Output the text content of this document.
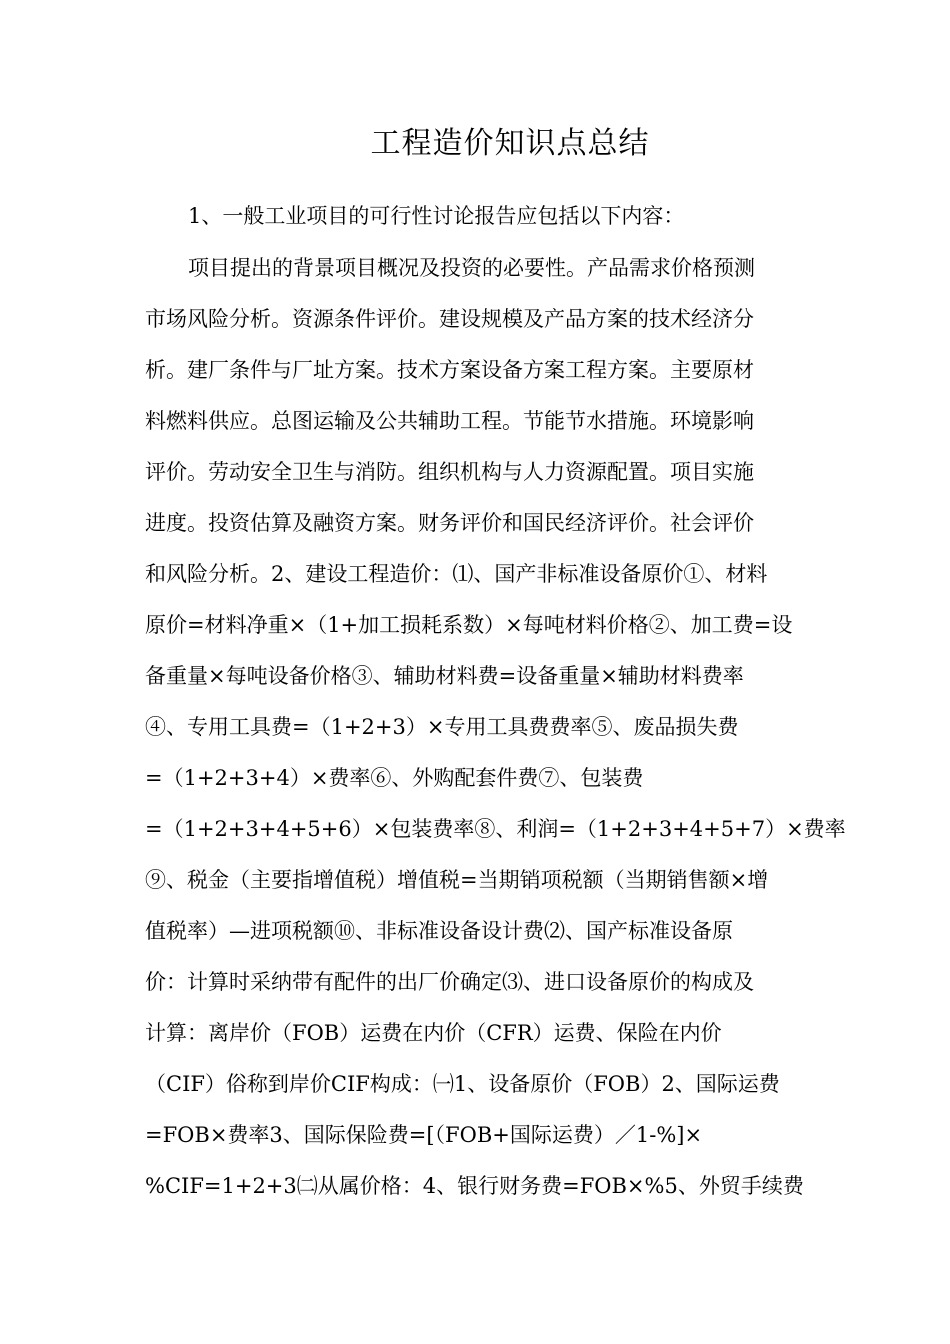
工程造价知识点总结
1、一般工业项目的可行性讨论报告应包括以下内容：
项目提出的背景项目概况及投资的必要性。产品需求价格预测
市场风险分析。资源条件评价。建设规模及产品方案的技术经济分
析。建厂条件与厂址方案。技术方案设备方案工程方案。主要原材
料燃料供应。总图运输及公共辅助工程。节能节水措施。环境影响
评价。劳动安全卫生与消防。组织机构与人力资源配置。项目实施
进度。投资估算及融资方案。财务评价和国民经济评价。社会评价
和风险分析。2、建设工程造价：⑴、国产非标准设备原价①、材料
原价=材料净重×（1+加工损耗系数）×每吨材料价格②、加工费=设
备重量×每吨设备价格③、辅助材料费=设备重量×辅助材料费率
④、专用工具费=（1+2+3）×专用工具费费率⑤、废品损失费
=（1+2+3+4）×费率⑥、外购配套件费⑦、包装费
=（1+2+3+4+5+6）×包装费率⑧、利润=（1+2+3+4+5+7）×费率
⑨、税金（主要指增值税）增值税=当期销项税额（当期销售额×增
值税率）—进项税额⑩、非标准设备设计费⑵、国产标准设备原
价：计算时采纳带有配件的出厂价确定⑶、进口设备原价的构成及
计算：离岸价（FOB）运费在内价（CFR）运费、保险在内价
（CIF）俗称到岸价CIF构成：㈠1、设备原价（FOB）2、国际运费
=FOB×费率3、国际保险费=[（FOB+国际运费）／1-%]×
%CIF=1+2+3㈡从属价格：4、银行财务费=FOB×%5、外贸手续费
